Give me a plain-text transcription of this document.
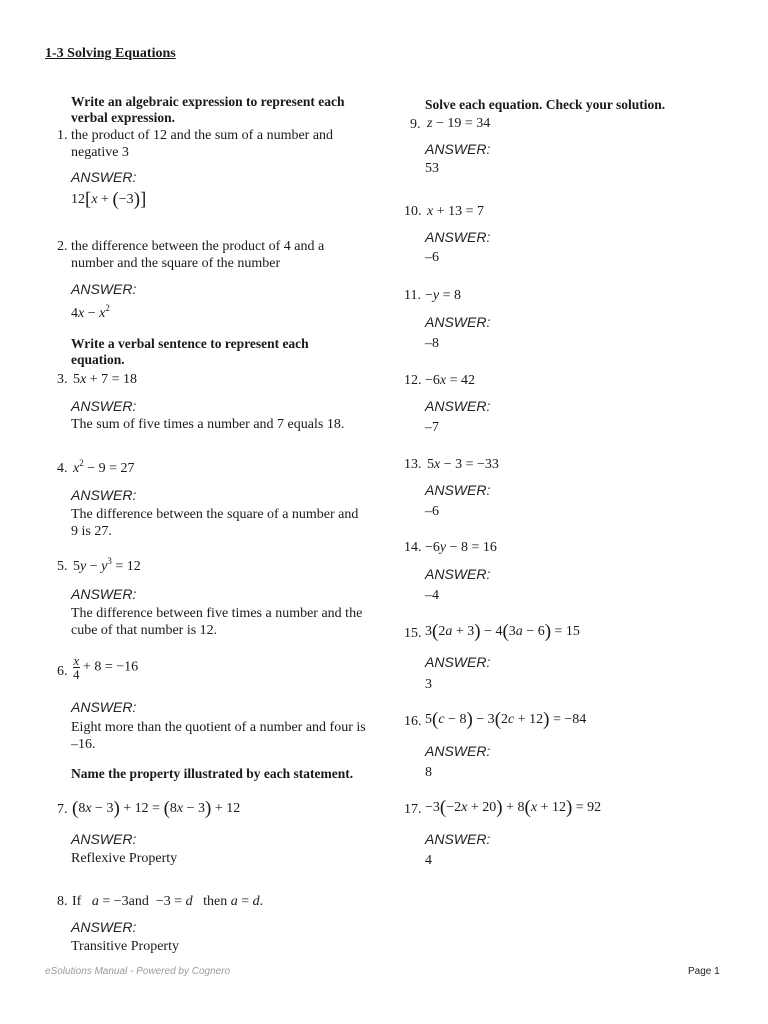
1-3 Solving Equations
Write an algebraic expression to represent each verbal expression.
1. the product of 12 and the sum of a number and negative 3
ANSWER:
12[x + (−3)]
2. the difference between the product of 4 and a number and the square of the number
ANSWER:
$4x - x^2$
Write a verbal sentence to represent each equation.
3. 5x + 7 = 18
ANSWER:
The sum of five times a number and 7 equals 18.
4. $x^2 - 9 = 27$
ANSWER:
The difference between the square of a number and 9 is 27.
5. $5y - y^3 = 12$
ANSWER:
The difference between five times a number and the cube of that number is 12.
6. $\frac{x}{4} + 8 = -16$
ANSWER:
Eight more than the quotient of a number and four is –16.
Name the property illustrated by each statement.
7. (8x − 3) + 12 = (8x − 3) + 12
ANSWER:
Reflexive Property
8. If   a = −3and  −3 = d   then a = d.
ANSWER:
Transitive Property
Solve each equation. Check your solution.
9. z − 19 = 34
ANSWER:
53
10. x + 13 = 7
ANSWER:
–6
11. −y = 8
ANSWER:
–8
12. −6x = 42
ANSWER:
–7
13. 5x − 3 = −33
ANSWER:
–6
14. −6y − 8 = 16
ANSWER:
–4
15. 3(2a + 3) − 4(3a − 6) = 15
ANSWER:
3
16. 5(c − 8) − 3(2c + 12) = −84
ANSWER:
8
17. −3(−2x + 20) + 8(x + 12) = 92
ANSWER:
4
eSolutions Manual - Powered by Cognero	Page 1
